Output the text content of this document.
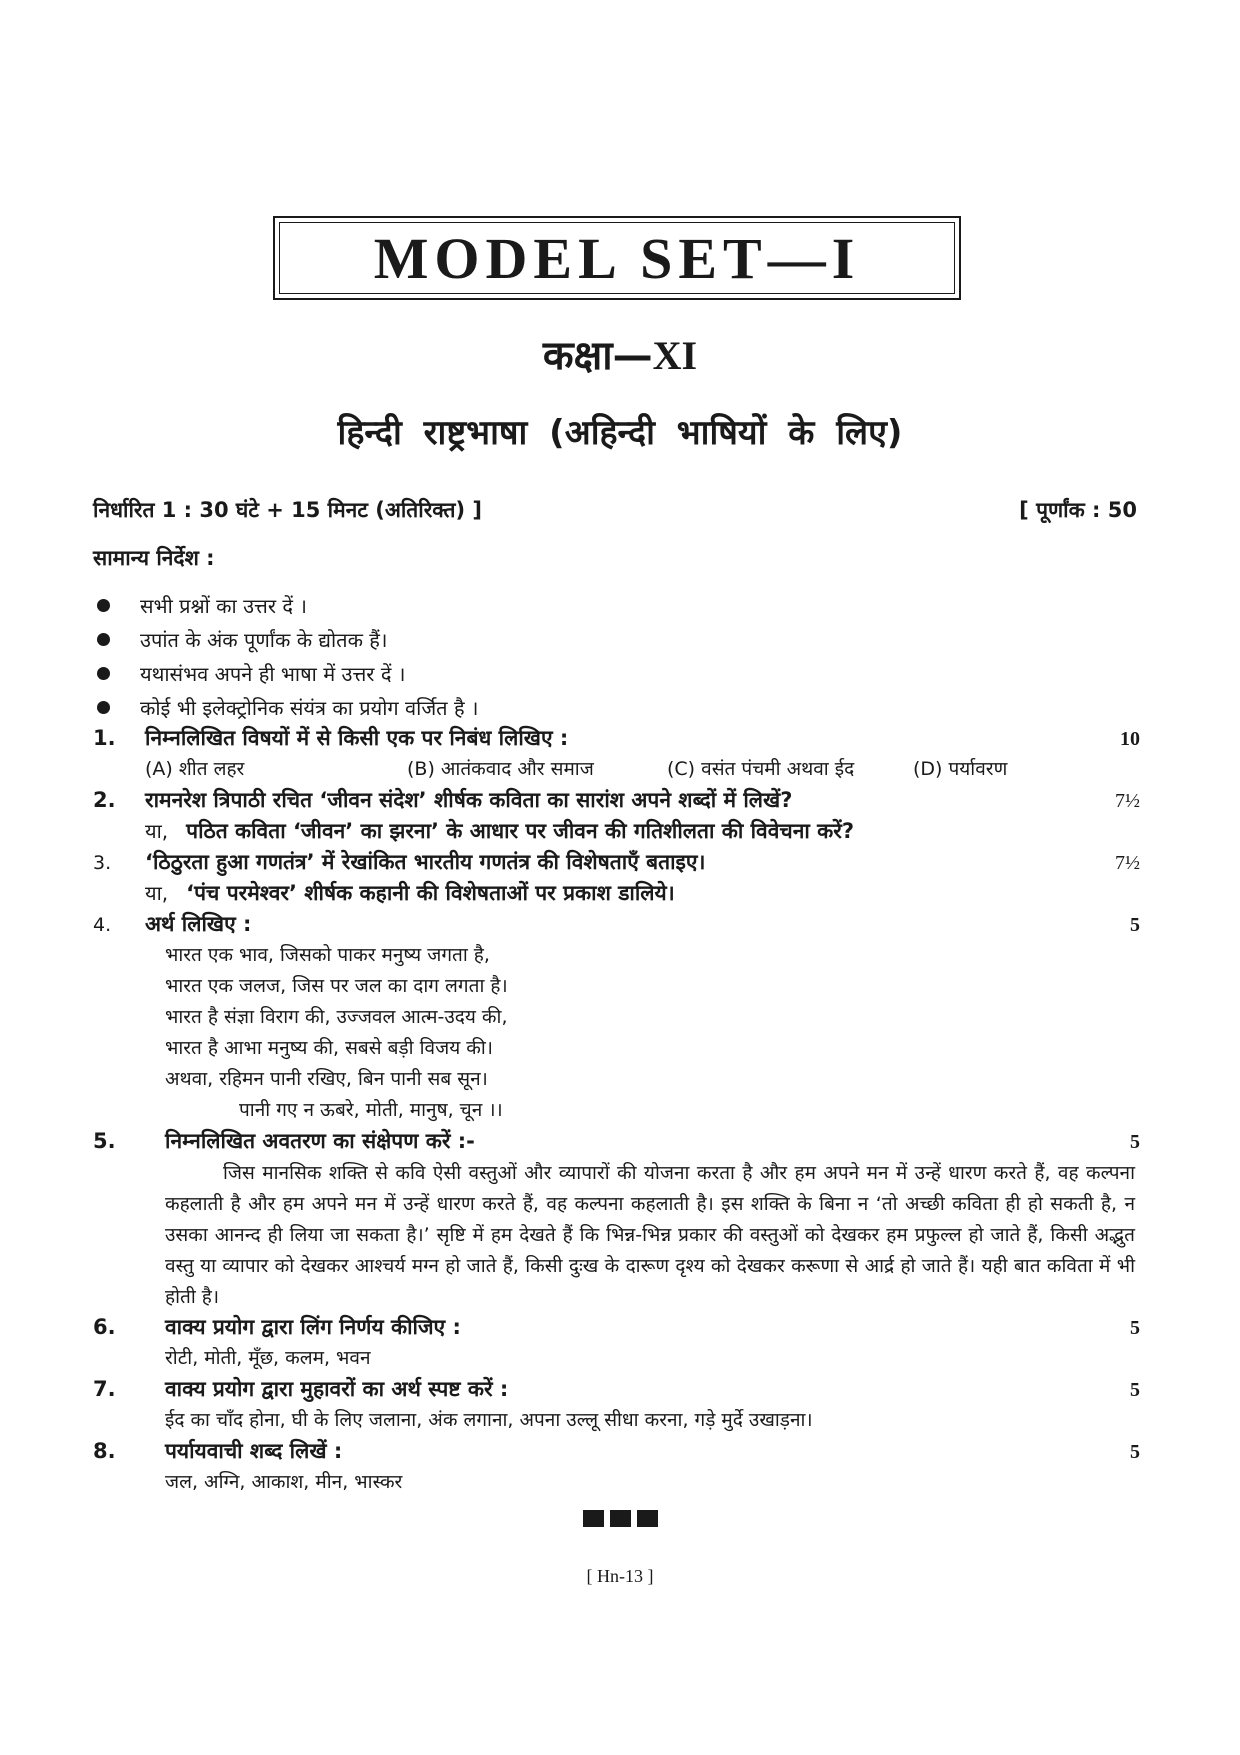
MODEL SET—I
कक्षा—XI
हिन्दी राष्ट्रभाषा (अहिन्दी भाषियों के लिए)
निर्धारित 1 : 30 घंटे + 15 मिनट (अतिरिक्त) ]	[ पूर्णांक : 50
सामान्य निर्देश :
सभी प्रश्नों का उत्तर दें ।
उपांत के अंक पूर्णांक के द्योतक हैं।
यथासंभव अपने ही भाषा में उत्तर दें ।
कोई भी इलेक्ट्रोनिक संयंत्र का प्रयोग वर्जित है ।
1.	निम्नलिखित विषयों में से किसी एक पर निबंध लिखिए :	10
(A) शीत लहर	(B) आतंकवाद और समाज	(C) वसंत पंचमी अथवा ईद	(D) पर्यावरण
2.	रामनरेश त्रिपाठी रचित ‘जीवन संदेश’ शीर्षक कविता का सारांश अपने शब्दों में लिखें?	7½
या, पठित कविता ‘जीवन’ का झरना’ के आधार पर जीवन की गतिशीलता की विवेचना करें?
3.	‘ठिठुरता हुआ गणतंत्र’ में रेखांकित भारतीय गणतंत्र की विशेषताएँ बताइए।	7½
या, ‘पंच परमेश्वर’ शीर्षक कहानी की विशेषताओं पर प्रकाश डालिये।
4.	अर्थ लिखिए :	5
भारत एक भाव, जिसको पाकर मनुष्य जगता है,
भारत एक जलज, जिस पर जल का दाग लगता है।
भारत है संज्ञा विराग की, उज्जवल आत्म-उदय की,
भारत है आभा मनुष्य की, सबसे बड़ी विजय की।
अथवा, रहिमन पानी रखिए, बिन पानी सब सून।
पानी गए न ऊबरे, मोती, मानुष, चून ।।
5.	निम्नलिखित अवतरण का संक्षेपण करें :-	5
जिस मानसिक शक्ति से कवि ऐसी वस्तुओं और व्यापारों की योजना करता है और हम अपने मन में उन्हें धारण करते हैं, वह कल्पना कहलाती है और हम अपने मन में उन्हें धारण करते हैं, वह कल्पना कहलाती है। इस शक्ति के बिना न ‘तो अच्छी कविता ही हो सकती है, न उसका आनन्द ही लिया जा सकता है।’ सृष्टि में हम देखते हैं कि भिन्न-भिन्न प्रकार की वस्तुओं को देखकर हम प्रफुल्ल हो जाते हैं, किसी अद्भुत वस्तु या व्यापार को देखकर आश्चर्य मग्न हो जाते हैं, किसी दुःख के दारूण दृश्य को देखकर करूणा से आर्द्र हो जाते हैं। यही बात कविता में भी होती है।
6.	वाक्य प्रयोग द्वारा लिंग निर्णय कीजिए :	5
रोटी, मोती, मूँछ, कलम, भवन
7.	वाक्य प्रयोग द्वारा मुहावरों का अर्थ स्पष्ट करें :	5
ईद का चाँद होना, घी के लिए जलाना, अंक लगाना, अपना उल्लू सीधा करना, गड़े मुर्दे उखाड़ना।
8.	पर्यायवाची शब्द लिखें :	5
जल, अग्नि, आकाश, मीन, भास्कर
[ Hn-13 ]
